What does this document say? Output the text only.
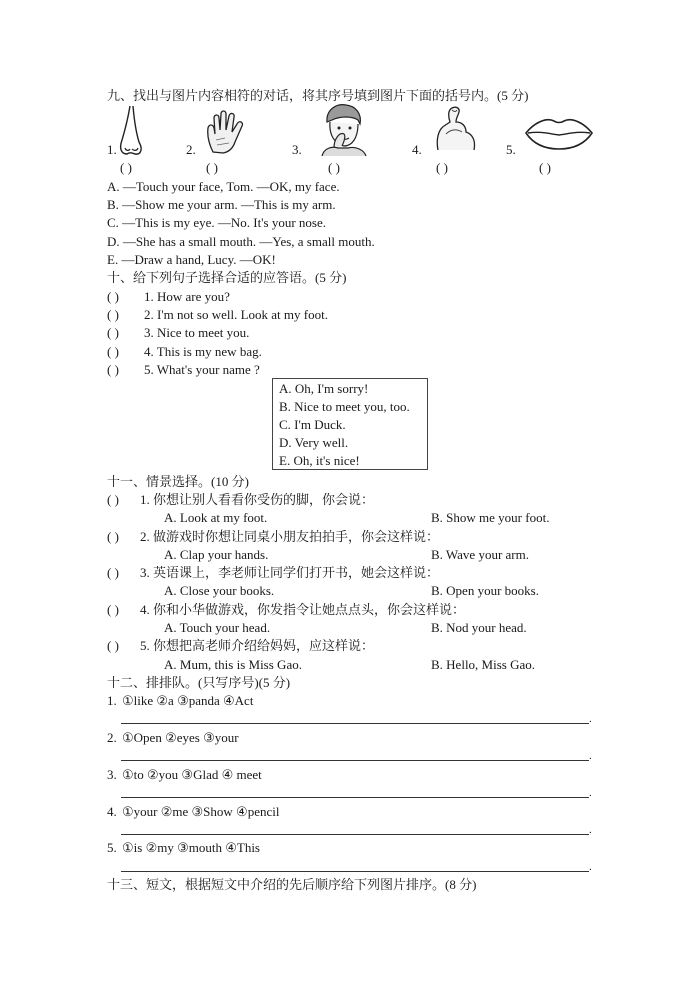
九、找出与图片内容相符的对话，将其序号填到图片下面的括号内。(5 分)
1.
( )
2.
( )
3.
( )
4.
( )
5.
( )
A. —Touch your face, Tom. —OK, my face.
B. —Show me your arm. —This is my arm.
C. —This is my eye. —No. It's your nose.
D. —She has a small mouth. —Yes, a small mouth.
E. —Draw a hand, Lucy. —OK!
十、给下列句子选择合适的应答语。(5 分)
( ) 1. How are you?
( ) 2. I'm not so well. Look at my foot.
( ) 3. Nice to meet you.
( ) 4. This is my new bag.
( ) 5. What's your name ?
A. Oh, I'm sorry!
B. Nice to meet you, too.
C. I'm Duck.
D. Very well.
E. Oh, it's nice!
十一、情景选择。(10 分)
( ) 1. 你想让别人看看你受伤的脚，你会说：
A. Look at my foot.	B. Show me your foot.
( ) 2. 做游戏时你想让同桌小朋友拍拍手，你会这样说：
A. Clap your hands.	B. Wave your arm.
( ) 3. 英语课上，李老师让同学们打开书，她会这样说：
A. Close your books.	B. Open your books.
( ) 4. 你和小华做游戏，你发指令让她点点头，你会这样说：
A. Touch your head.	B. Nod your head.
( ) 5. 你想把高老师介绍给妈妈，应这样说：
A. Mum, this is Miss Gao.	B. Hello, Miss Gao.
十二、排排队。(只写序号)(5 分)
1. ①like ②a ③panda ④Act
.
2. ①Open ②eyes ③your
.
3. ①to ②you ③Glad ④ meet
.
4. ①your ②me ③Show ④pencil
.
5. ①is ②my ③mouth ④This
.
十三、短文，根据短文中介绍的先后顺序给下列图片排序。(8 分)
